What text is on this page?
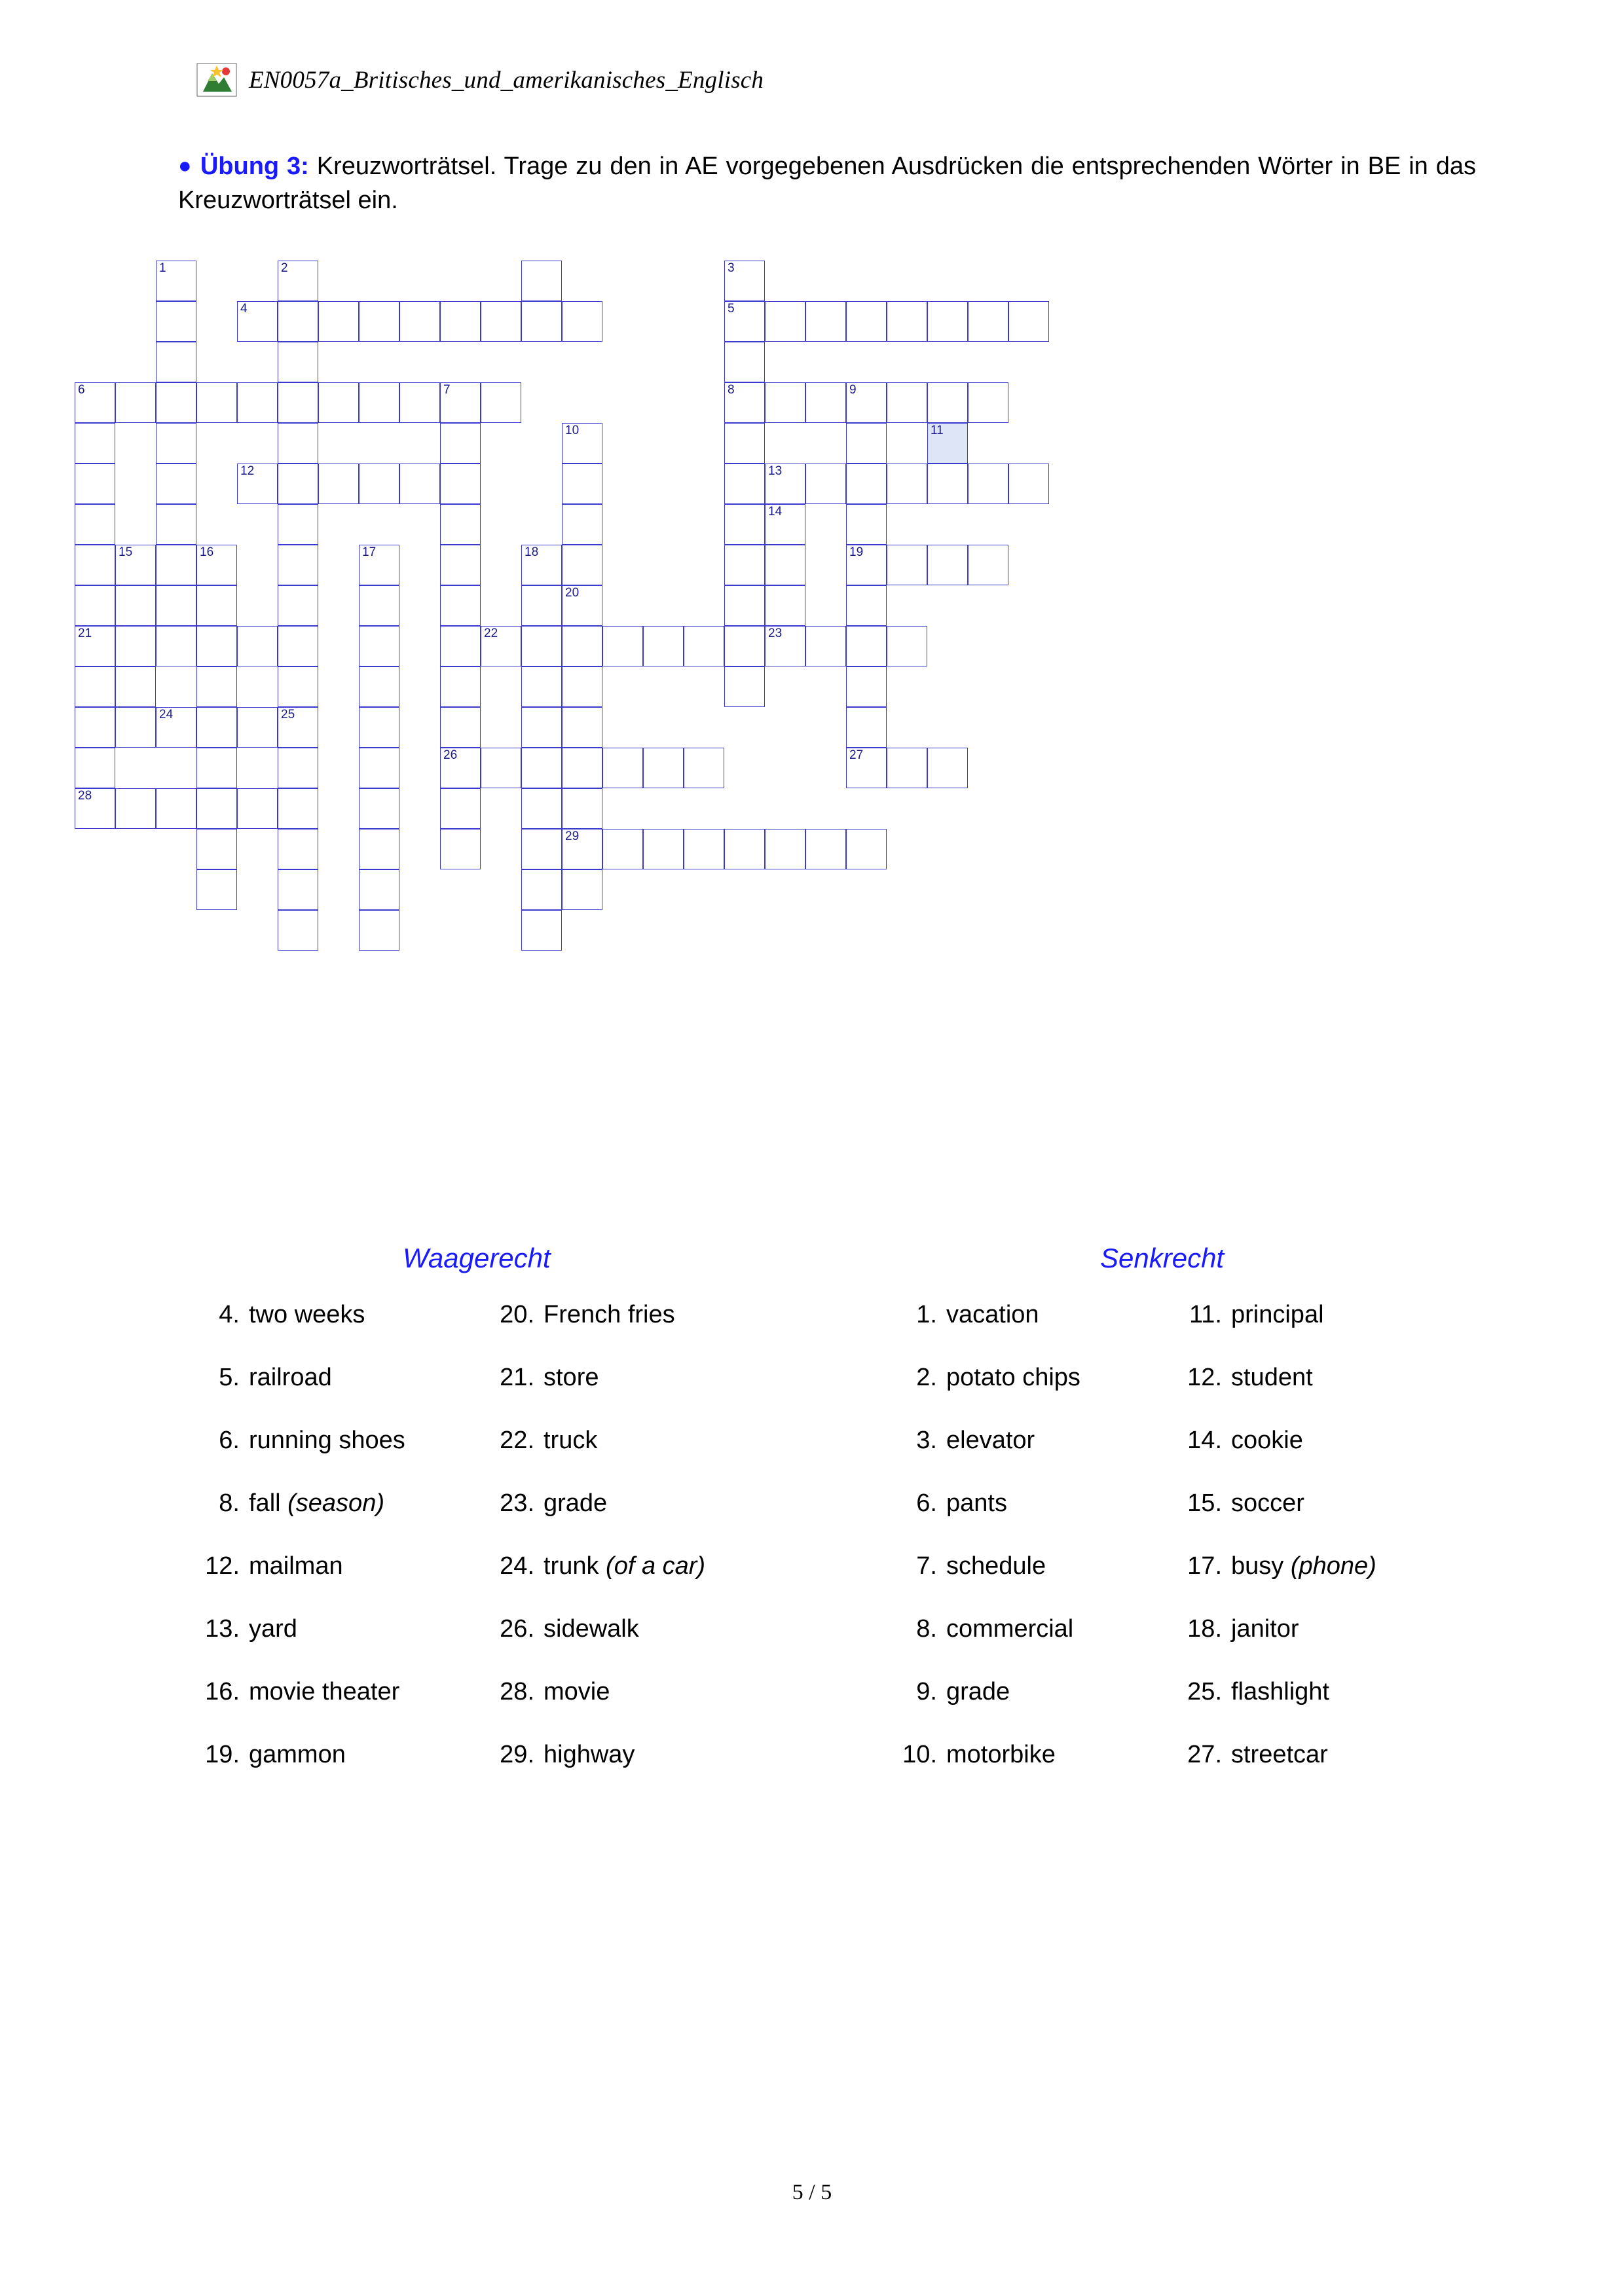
EN0057a_Britisches_und_amerikanisches_Englisch
● Übung 3: Kreuzworträtsel. Trage zu den in AE vorgegebenen Ausdrücken die entsprechenden Wörter in BE in das Kreuzworträtsel ein.
4	5
6	7	8	9
12	13
19
21	22	23
24	25
26	27
28
29
1	2	3
10
20
11
14
15	16	17	18
Waagerecht	Senkrecht
4. two weeks
5. railroad
6. running shoes
8. fall (season)
12. mailman
13. yard
16. movie theater
19. gammon
20. French fries
21. store
22. truck
23. grade
24. trunk (of a car)
26. sidewalk
28. movie
29. highway
1. vacation
2. potato chips
3. elevator
6. pants
7. schedule
8. commercial
9. grade
10. motorbike
11. principal
12. student
14. cookie
15. soccer
17. busy (phone)
18. janitor
25. flashlight
27. streetcar
5 / 5
